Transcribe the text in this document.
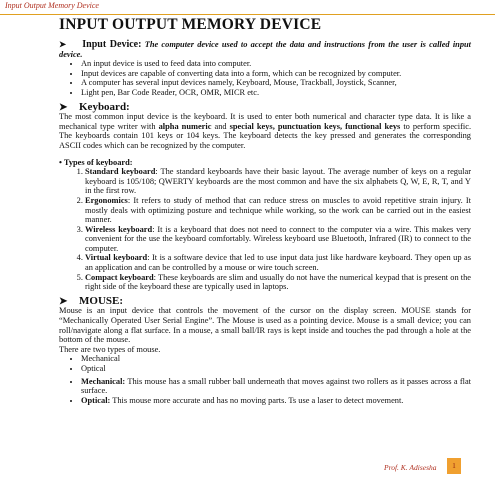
Input Output Memory Device
INPUT OUTPUT MEMORY DEVICE
➤ Input Device: The computer device used to accept the data and instructions from the user is called input device.
• An input device is used to feed data into computer.
• Input devices are capable of converting data into a form, which can be recognized by computer.
• A computer has several input devices namely, Keyboard, Mouse, Trackball, Joystick, Scanner,
• Light pen, Bar Code Reader, OCR, OMR, MICR etc.
➤ Keyboard:

The most common input device is the keyboard. It is used to enter both numerical and character type data. It is like a mechanical type writer with alpha numeric and special keys, punctuation keys, functional keys to perform specific. The keyboards contain 101 keys or 104 keys. The keyboard detects the key pressed and generates the corresponding ASCII codes which can be recognized by the computer.

• Types of keyboard:
1. Standard keyboard: The standard keyboards have their basic layout. The average number of keys on a regular keyboard is 105/108; QWERTY keyboards are the most common and have the six alphabets Q, W, E, R, T, and Y in the first row.
2. Ergonomics: It refers to study of method that can reduce stress on muscles to avoid repetitive strain injury. It mostly deals with optimizing posture and technique while working, so the work can be carried out in the easiest manner.
3. Wireless keyboard: It is a keyboard that does not need to connect to the computer via a wire. This makes very convenient for the use the keyboard comfortably. Wireless keyboard use Bluetooth, Infrared (IR) to connect to the computer.
4. Virtual keyboard: It is a software device that led to use input data just like hardware keyboard. They open up as an application and can be controlled by a mouse or wire touch screen.
5. Compact keyboard: These keyboards are slim and usually do not have the numerical keypad that is present on the right side of the keyboard these are typically used in laptops.
➤ MOUSE:

Mouse is an input device that controls the movement of the cursor on the display screen. MOUSE stands for “Mechanically Operated User Serial Engine”. The Mouse is used as a pointing device. Mouse is a small device; you can roll/navigate along a flat surface. In a mouse, a small ball/IR rays is kept inside and touches the pad through a hole at the bottom of the mouse.

There are two types of mouse.

• Mechanical
• Optical
• Mechanical: This mouse has a small rubber ball underneath that moves against two rollers as it passes across a flat surface.
• Optical: This mouse more accurate and has no moving parts. Ts use a laser to detect movement.
Prof. K. Adisesha	1
